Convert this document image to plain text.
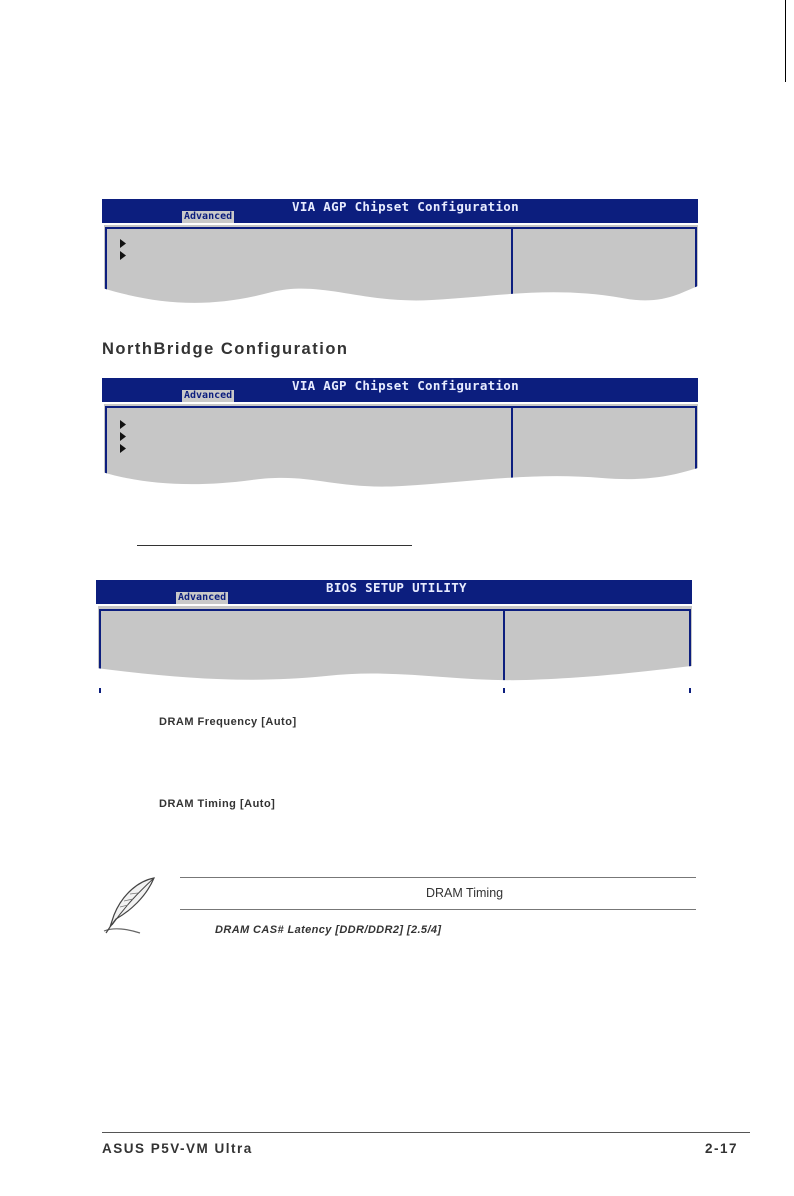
VIA AGP Chipset Configuration
Advanced
NorthBridge Configuration
VIA AGP Chipset Configuration
Advanced
BIOS SETUP UTILITY
Advanced
DRAM Frequency [Auto]
DRAM Timing [Auto]
DRAM Timing
DRAM CAS# Latency [DDR/DDR2] [2.5/4]
ASUS P5V-VM Ultra	2-17
